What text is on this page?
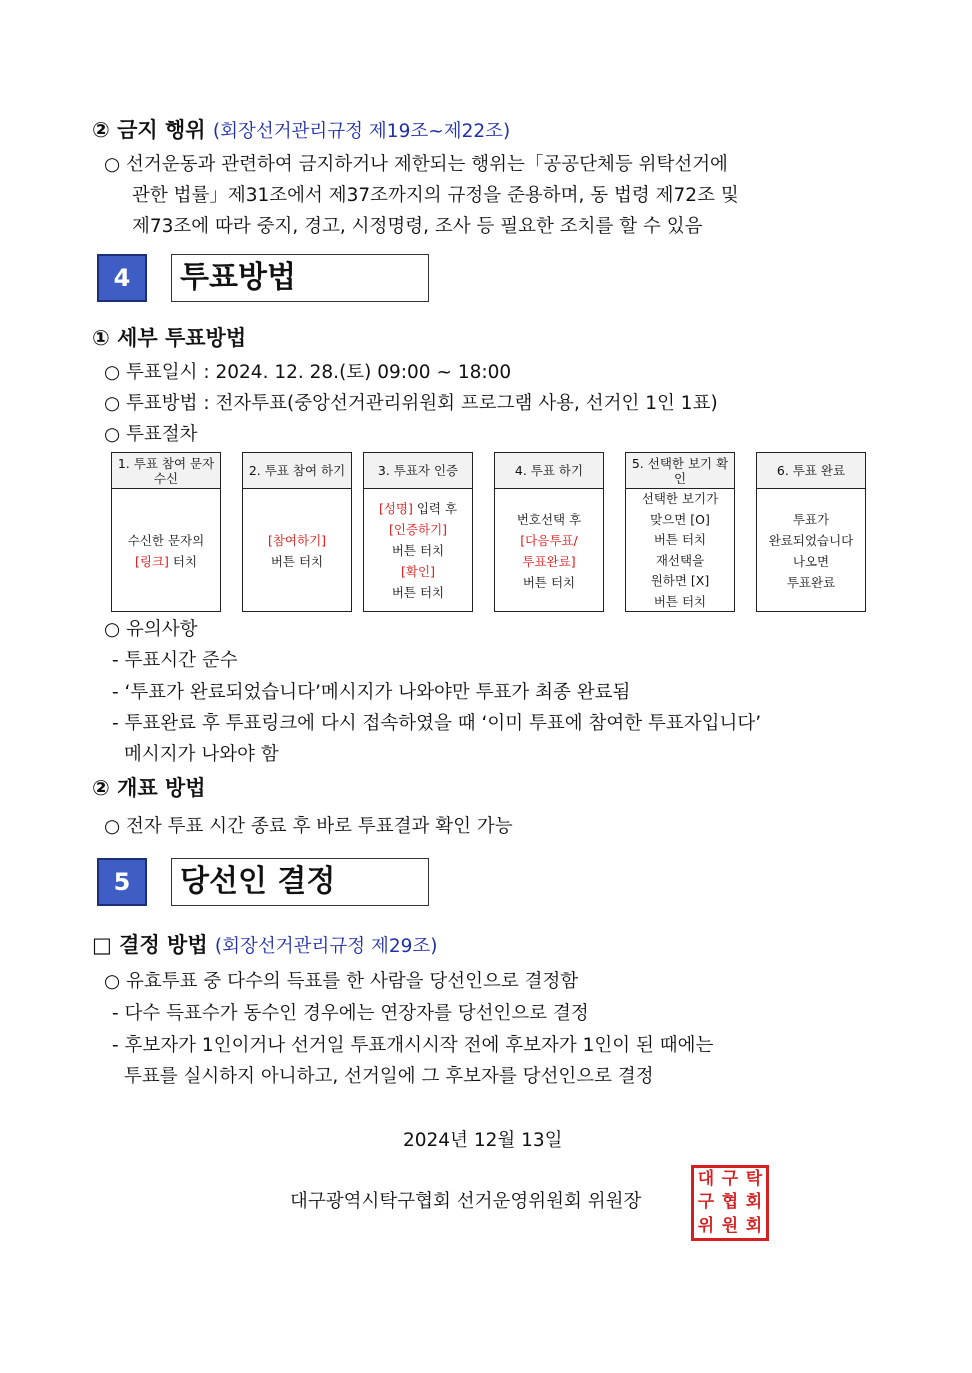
② 금지 행위 (회장선거관리규정 제19조~제22조)
○ 선거운동과 관련하여 금지하거나 제한되는 행위는「공공단체등 위탁선거에
관한 법률」제31조에서 제37조까지의 규정을 준용하며, 동 법령 제72조 및
제73조에 따라 중지, 경고, 시정명령, 조사 등 필요한 조치를 할 수 있음
4	투표방법
① 세부 투표방법
○ 투표일시 : 2024. 12. 28.(토) 09:00 ~ 18:00
○ 투표방법 : 전자투표(중앙선거관리위원회 프로그램 사용, 선거인 1인 1표)
○ 투표절차
1. 투표 참여 문자 수신
수신한 문자의
[링크] 터치
2. 투표 참여 하기
[참여하기]
버튼 터치
3. 투표자 인증
[성명] 입력 후
[인증하기]
버튼 터치
[확인]
버튼 터치
4. 투표 하기
번호선택 후
[다음투표/
투표완료]
버튼 터치
5. 선택한 보기 확인
선택한 보기가
맞으면 [O]
버튼 터치
재선택을
원하면 [X]
버튼 터치
6. 투표 완료
투표가
완료되었습니다
나오면
투표완료
○ 유의사항
- 투표시간 준수
- ‘투표가 완료되었습니다’메시지가 나와야만 투표가 최종 완료됨
- 투표완료 후 투표링크에 다시 접속하였을 때 ‘이미 투표에 참여한 투표자입니다’
메시지가 나와야 함
② 개표 방법
○ 전자 투표 시간 종료 후 바로 투표결과 확인 가능
5	당선인 결정
□ 결정 방법 (회장선거관리규정 제29조)
○ 유효투표 중 다수의 득표를 한 사람을 당선인으로 결정함
- 다수 득표수가 동수인 경우에는 연장자를 당선인으로 결정
- 후보자가 1인이거나 선거일 투표개시시작 전에 후보자가 1인이 된 때에는
투표를 실시하지 아니하고, 선거일에 그 후보자를 당선인으로 결정
2024년 12월 13일
대구광역시탁구협회 선거운영위원회 위원장
대 구 탁
구 협 회
위 원 회
